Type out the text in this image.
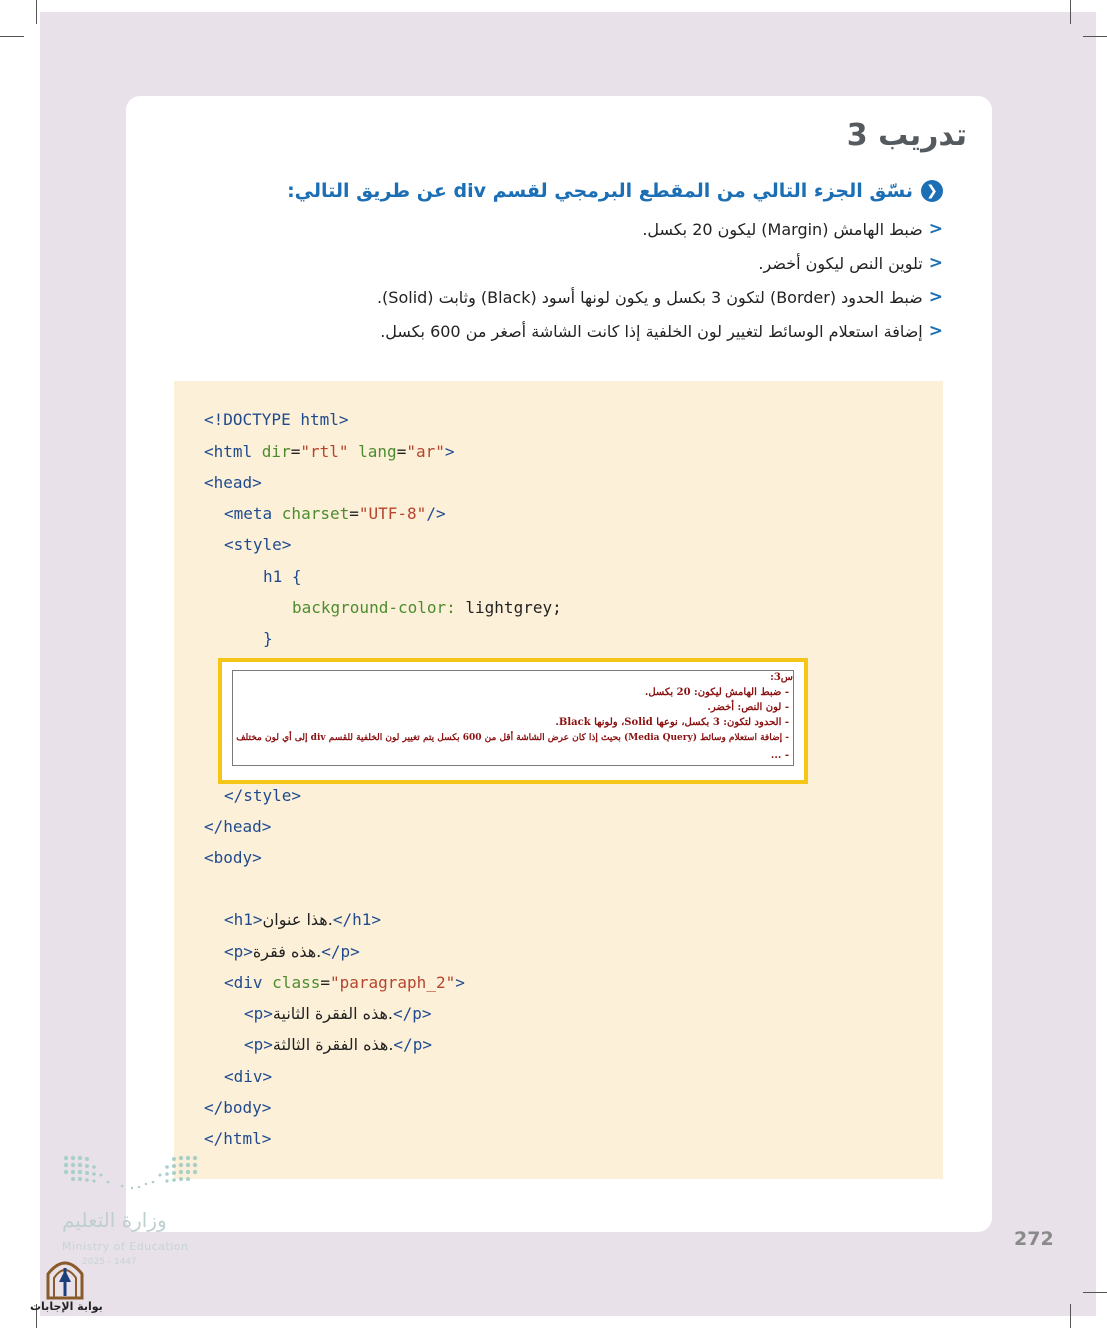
تدريب 3
❮
نسّق الجزء التالي من المقطع البرمجي لقسم div عن طريق التالي:
<
ضبط الهامش (Margin) ليكون 20 بكسل.
<
تلوين النص ليكون أخضر.
<
ضبط الحدود (Border) لتكون 3 بكسل و يكون لونها أسود (Black) وثابت (Solid).
<
إضافة استعلام الوسائط لتغيير لون الخلفية إذا كانت الشاشة أصغر من 600 بكسل.
<!DOCTYPE html>
<html dir="rtl" lang="ar">
<head>
<meta charset="UTF-8"/>
<style>
h1 {
background-color: lightgrey;
}
س3:
- ضبط الهامش ليكون: 20 بكسل.
- لون النص: أخضر.
- الحدود لتكون: 3 بكسل، نوعها Solid، ولونها Black.
- إضافة استعلام وسائط (Media Query) بحيث إذا كان عرض الشاشة أقل من 600 بكسل يتم تغيير لون الخلفية للقسم div إلى أي لون مختلف
- ...
</style>
</head>
<body>
<h1>هذا عنوان.</h1>
<p>هذه فقرة.</p>
<div class="paragraph_2">
<p>هذه الفقرة الثانية.</p>
<p>هذه الفقرة الثالثة.</p>
<div>
</body>
</html>
272
وزارة التعليم
Ministry of Education
2025 - 1447
بوابة الإجابات
